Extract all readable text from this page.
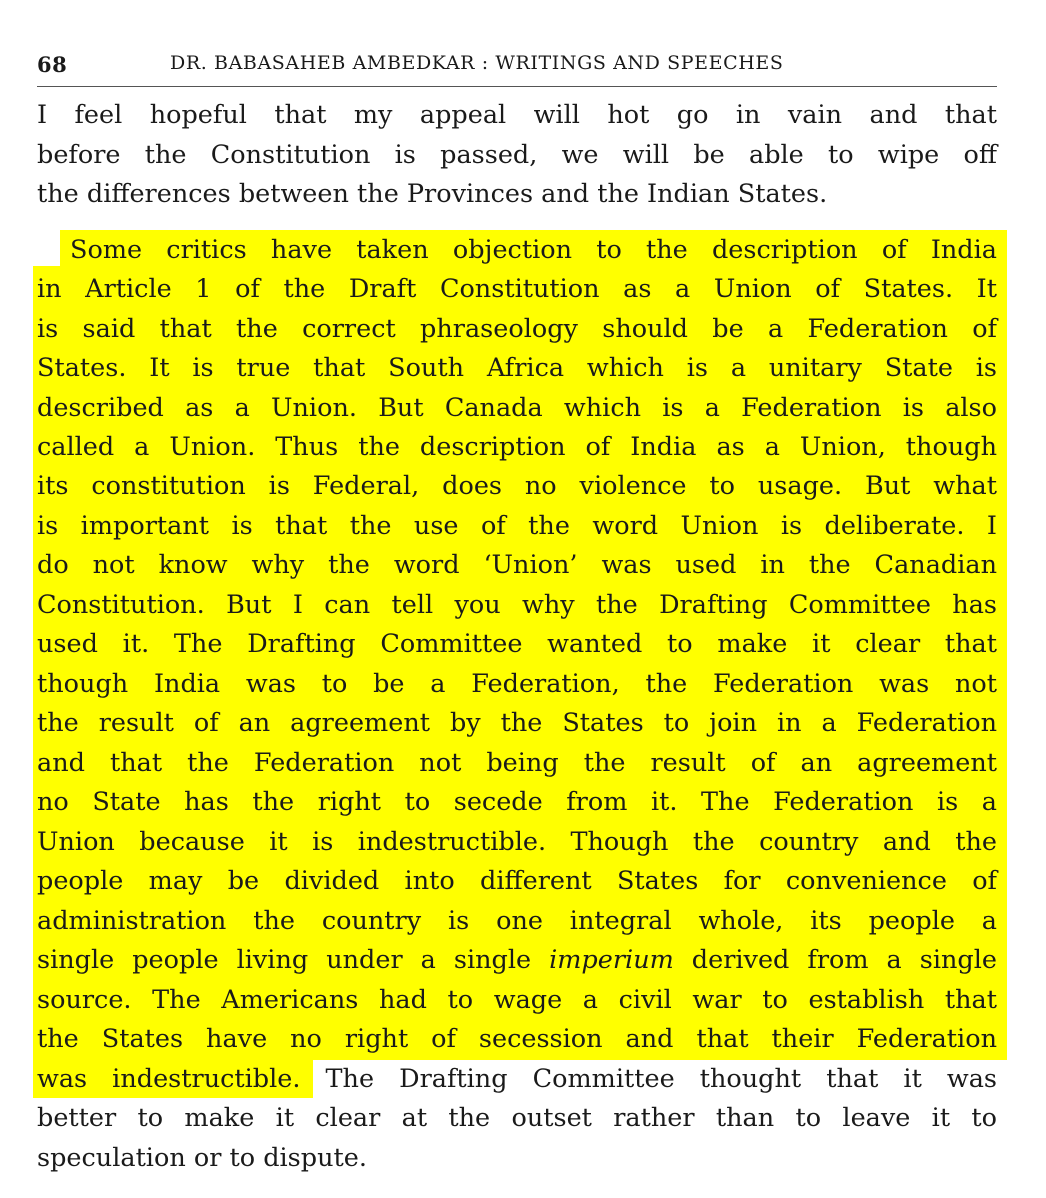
68	DR. BABASAHEB AMBEDKAR : WRITINGS AND SPEECHES
I feel hopeful that my appeal will hot go in vain and that
before the Constitution is passed, we will be able to wipe off
the differences between the Provinces and the Indian States.
Some critics have taken objection to the description of India
in Article 1 of the Draft Constitution as a Union of States. It
is said that the correct phraseology should be a Federation of
States. It is true that South Africa which is a unitary State is
described as a Union. But Canada which is a Federation is also
called a Union. Thus the description of India as a Union, though
its constitution is Federal, does no violence to usage. But what
is important is that the use of the word Union is deliberate. I
do not know why the word ‘Union’ was used in the Canadian
Constitution. But I can tell you why the Drafting Committee has
used it. The Drafting Committee wanted to make it clear that
though India was to be a Federation, the Federation was not
the result of an agreement by the States to join in a Federation
and that the Federation not being the result of an agreement
no State has the right to secede from it. The Federation is a
Union because it is indestructible. Though the country and the
people may be divided into different States for convenience of
administration the country is one integral whole, its people a
single people living under a single imperium derived from a single
source. The Americans had to wage a civil war to establish that
the States have no right of secession and that their Federation
was indestructible. The Drafting Committee thought that it was
better to make it clear at the outset rather than to leave it to
speculation or to dispute.
